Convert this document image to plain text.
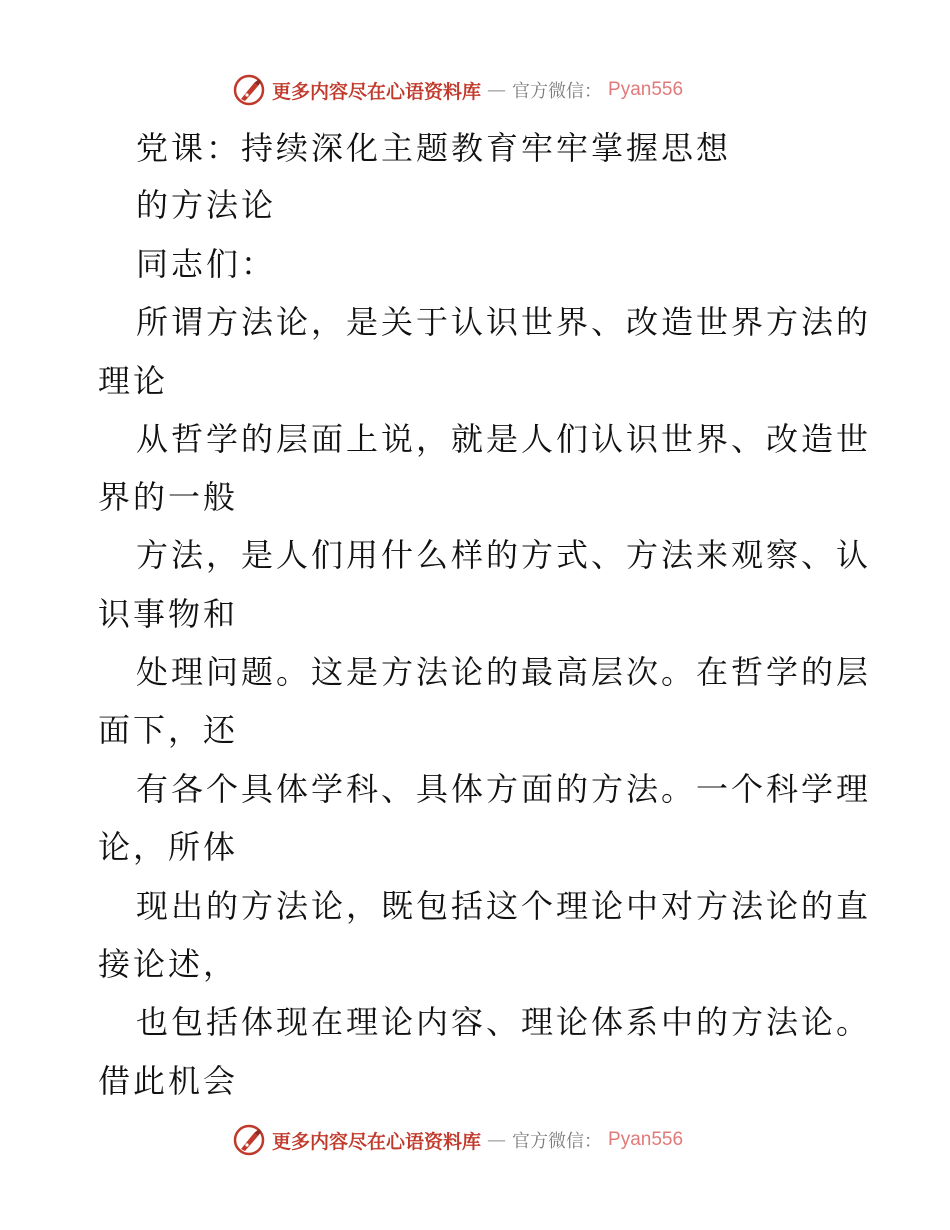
更多内容尽在心语资料库 — 官方微信： Pyan556
党课：持续深化主题教育牢牢掌握思想
的方法论
同志们：
所谓方法论，是关于认识世界、改造世界方法的
理论
从哲学的层面上说，就是人们认识世界、改造世
界的一般
方法，是人们用什么样的方式、方法来观察、认
识事物和
处理问题。这是方法论的最高层次。在哲学的层
面下，还
有各个具体学科、具体方面的方法。一个科学理
论，所体
现出的方法论，既包括这个理论中对方法论的直
接论述，
也包括体现在理论内容、理论体系中的方法论。
借此机会
更多内容尽在心语资料库 — 官方微信： Pyan556
